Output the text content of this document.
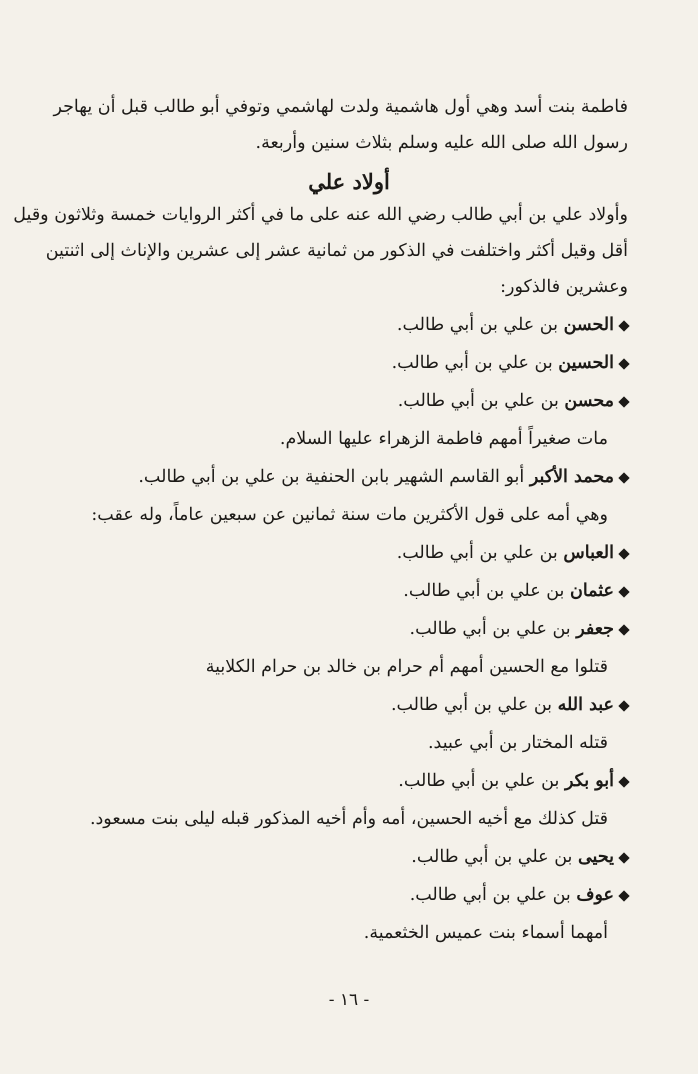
فاطمة بنت أسد وهي أول هاشمية ولدت لهاشمي وتوفي أبو طالب قبل أن يهاجر
رسول الله صلى الله عليه وسلم بثلاث سنين وأربعة.
أولاد علي
وأولاد علي بن أبي طالب رضي الله عنه على ما في أكثر الروايات خمسة وثلاثون وقيل
أقل وقيل أكثر واختلفت في الذكور من ثمانية عشر إلى عشرين والإناث إلى اثنتين
وعشرين فالذكور:
الحسن بن علي بن أبي طالب.
الحسين بن علي بن أبي طالب.
محسن بن علي بن أبي طالب.
مات صغيراً أمهم فاطمة الزهراء عليها السلام.
محمد الأكبر أبو القاسم الشهير بابن الحنفية بن علي بن أبي طالب.
وهي أمه على قول الأكثرين مات سنة ثمانين عن سبعين عاماً، وله عقب:
العباس بن علي بن أبي طالب.
عثمان بن علي بن أبي طالب.
جعفر بن علي بن أبي طالب.
قتلوا مع الحسين أمهم أم حرام بن خالد بن حرام الكلابية
عبد الله بن علي بن أبي طالب.
قتله المختار بن أبي عبيد.
أبو بكر بن علي بن أبي طالب.
قتل كذلك مع أخيه الحسين، أمه وأم أخيه المذكور قبله ليلى بنت مسعود.
يحيى بن علي بن أبي طالب.
عوف بن علي بن أبي طالب.
أمهما أسماء بنت عميس الخثعمية.
- ١٦ -
